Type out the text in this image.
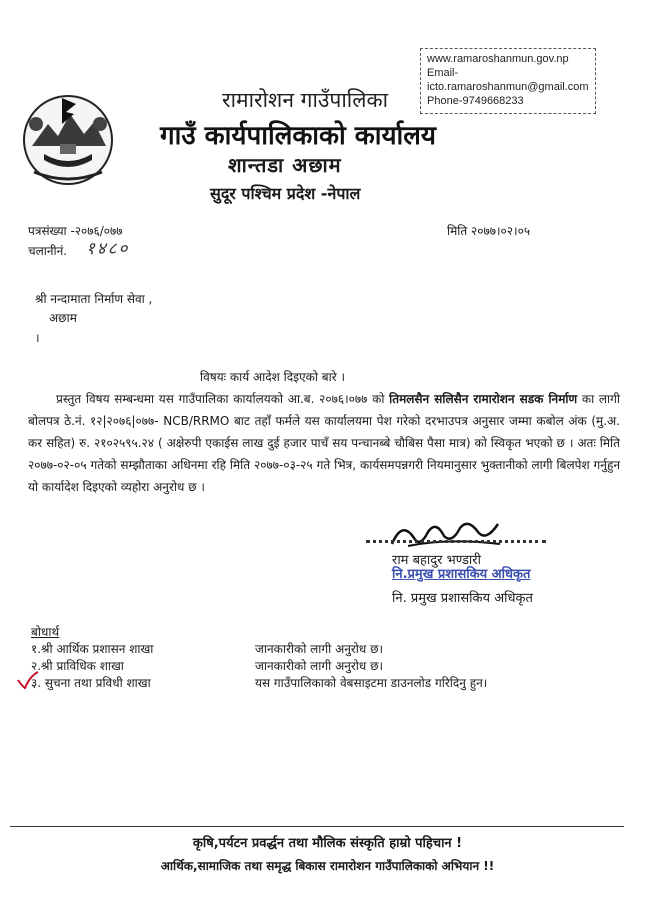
www.ramaroshanmun.gov.np
Email-
icto.ramaroshanmun@gmail.com
Phone-9749668233
रामारोशन गाउँपालिका
गाउँ कार्यपालिकाको कार्यालय
शान्तडा अछाम
सुदूर पश्चिम प्रदेश -नेपाल
पत्रसंख्या -२०७६/०७७
चलानीनं. १४८०
मिति २०७७।०२।०५
श्री नन्दामाता निर्माण सेवा ,
अछाम
।
विषयः कार्य आदेश दिइएको बारे ।
प्रस्तुत विषय सम्बन्धमा यस गाउँपालिका कार्यालयको आ.ब. २०७६।०७७ को तिमलसैन सलिसैन रामारोशन सडक निर्माण का लागी बोलपत्र ठे.नं. १२|२०७६|०७७- NCB/RRMO बाट तहाँ फर्मले यस कार्यालयमा पेश गरेको दरभाउपत्र अनुसार जम्मा कबोल अंक (मु.अ. कर सहित) रु. २१०२५९५.२४ ( अक्षेरुपी एकाईस लाख दुई हजार पाचँ सय पन्चानब्बे चौबिस पैसा मात्र) को स्विकृत भएको छ । अतः मिति २०७७-०२-०५ गतेको सम्झौताका अधिनमा रहि मिति २०७७-०३-२५ गते भित्र, कार्यसमपन्नगरी नियमानुसार भुक्तानीको लागी बिलपेश गर्नुहुन यो कार्यादेश दिइएको व्यहोरा अनुरोध छ ।
राम बहादुर भण्डारी
नि.प्रमुख प्रशासकिय अधिकृत
नि. प्रमुख प्रशासकिय अधिकृत
बोधार्थ
१.श्री आर्थिक प्रशासन शाखा	जानकारीको लागी अनुरोध छ।
२.श्री प्राविधिक शाखा	जानकारीको लागी अनुरोध छ।
३. सुचना तथा प्रविधी शाखा	यस गाउँपालिकाको वेबसाइटमा डाउनलोड गरिदिनु हुन।
कृषि,पर्यटन प्रवर्द्धन तथा मौलिक संस्कृति हाम्रो पहिचान !
आर्थिक,सामाजिक तथा समृद्ध बिकास रामारोशन गाउँपालिकाको अभियान !!
